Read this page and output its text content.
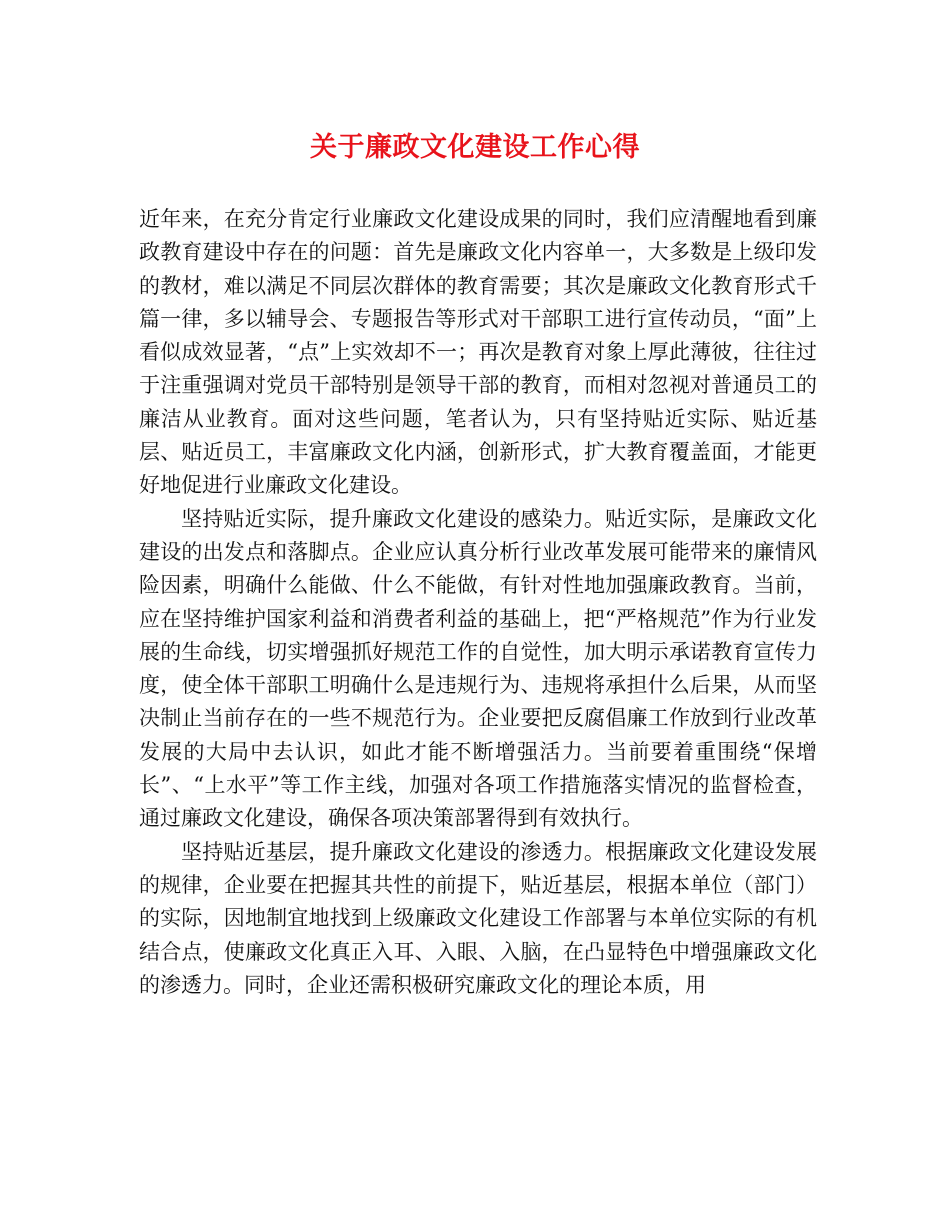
关于廉政文化建设工作心得

近年来，在充分肯定行业廉政文化建设成果的同时，我们应清醒地看到廉政教育建设中存在的问题：首先是廉政文化内容单一，大多数是上级印发的教材，难以满足不同层次群体的教育需要；其次是廉政文化教育形式千篇一律，多以辅导会、专题报告等形式对干部职工进行宣传动员，“面”上看似成效显著，“点”上实效却不一；再次是教育对象上厚此薄彼，往往过于注重强调对党员干部特别是领导干部的教育，而相对忽视对普通员工的廉洁从业教育。面对这些问题，笔者认为，只有坚持贴近实际、贴近基层、贴近员工，丰富廉政文化内涵，创新形式，扩大教育覆盖面，才能更好地促进行业廉政文化建设。

坚持贴近实际，提升廉政文化建设的感染力。贴近实际，是廉政文化建设的出发点和落脚点。企业应认真分析行业改革发展可能带来的廉情风险因素，明确什么能做、什么不能做，有针对性地加强廉政教育。当前，应在坚持维护国家利益和消费者利益的基础上，把“严格规范”作为行业发展的生命线，切实增强抓好规范工作的自觉性，加大明示承诺教育宣传力度，使全体干部职工明确什么是违规行为、违规将承担什么后果，从而坚决制止当前存在的一些不规范行为。企业要把反腐倡廉工作放到行业改革发展的大局中去认识，如此才能不断增强活力。当前要着重围绕“保增长”、“上水平”等工作主线，加强对各项工作措施落实情况的监督检查，通过廉政文化建设，确保各项决策部署得到有效执行。

坚持贴近基层，提升廉政文化建设的渗透力。根据廉政文化建设发展的规律，企业要在把握其共性的前提下，贴近基层，根据本单位（部门）的实际，因地制宜地找到上级廉政文化建设工作部署与本单位实际的有机结合点，使廉政文化真正入耳、入眼、入脑，在凸显特色中增强廉政文化的渗透力。同时，企业还需积极研究廉政文化的理论本质，用
